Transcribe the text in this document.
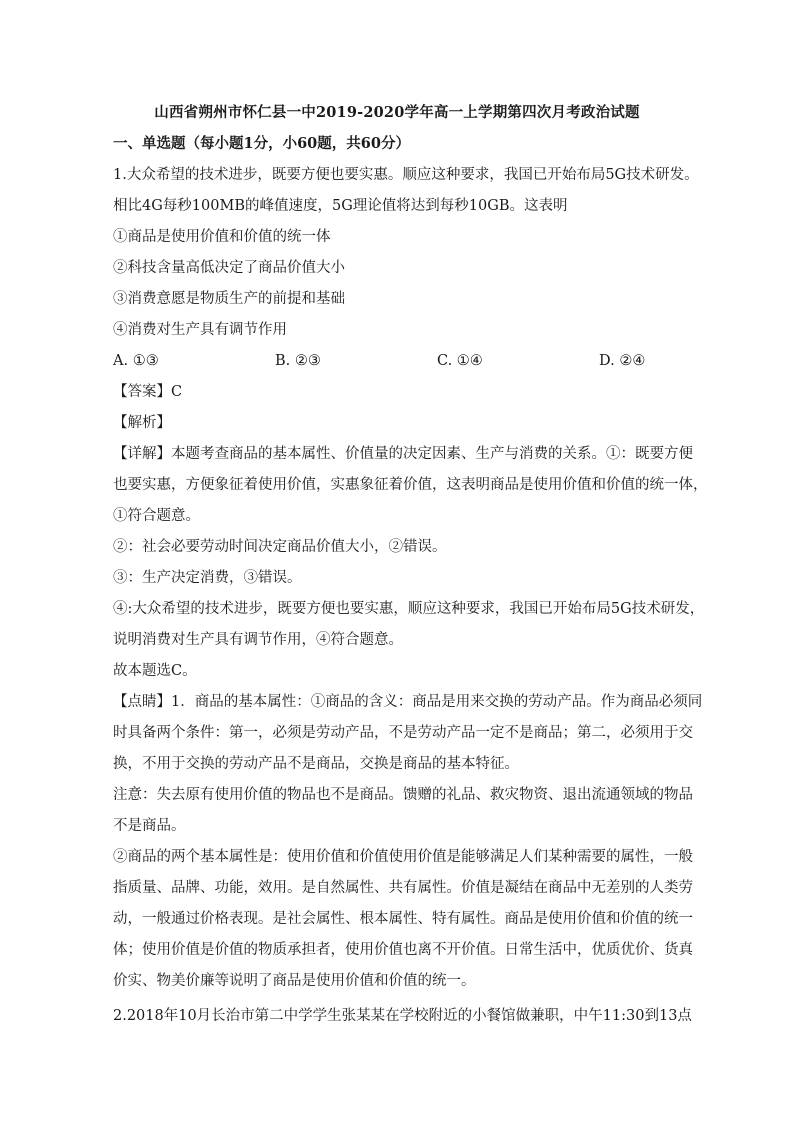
山西省朔州市怀仁县一中2019-2020学年高一上学期第四次月考政治试题
一、单选题（每小题1分，小60题，共60分）
1.大众希望的技术进步，既要方便也要实惠。顺应这种要求，我国已开始布局5G技术研发。
相比4G每秒100MB的峰值速度，5G理论值将达到每秒10GB。这表明
①商品是使用价值和价值的统一体
②科技含量高低决定了商品价值大小
③消费意愿是物质生产的前提和基础
④消费对生产具有调节作用
A. ①③	B. ②③	C. ①④	D. ②④
【答案】C
【解析】
【详解】本题考查商品的基本属性、价值量的决定因素、生产与消费的关系。①：既要方便
也要实惠，方便象征着使用价值，实惠象征着价值，这表明商品是使用价值和价值的统一体，
①符合题意。
②：社会必要劳动时间决定商品价值大小，②错误。
③：生产决定消费，③错误。
④:大众希望的技术进步，既要方便也要实惠，顺应这种要求，我国已开始布局5G技术研发，
说明消费对生产具有调节作用，④符合题意。
故本题选C。
【点睛】1．商品的基本属性：①商品的含义：商品是用来交换的劳动产品。作为商品必须同
时具备两个条件：第一，必须是劳动产品，不是劳动产品一定不是商品；第二，必须用于交
换，不用于交换的劳动产品不是商品，交换是商品的基本特征。
注意：失去原有使用价值的物品也不是商品。馈赠的礼品、救灾物资、退出流通领域的物品
不是商品。
②商品的两个基本属性是：使用价值和价值使用价值是能够满足人们某种需要的属性，一般
指质量、品牌、功能，效用。是自然属性、共有属性。价值是凝结在商品中无差别的人类劳
动，一般通过价格表现。是社会属性、根本属性、特有属性。商品是使用价值和价值的统一
体；使用价值是价值的物质承担者，使用价值也离不开价值。日常生活中，优质优价、货真
价实、物美价廉等说明了商品是使用价值和价值的统一。
2.2018年10月长治市第二中学学生张某某在学校附近的小餐馆做兼职，中午11:30到13点
